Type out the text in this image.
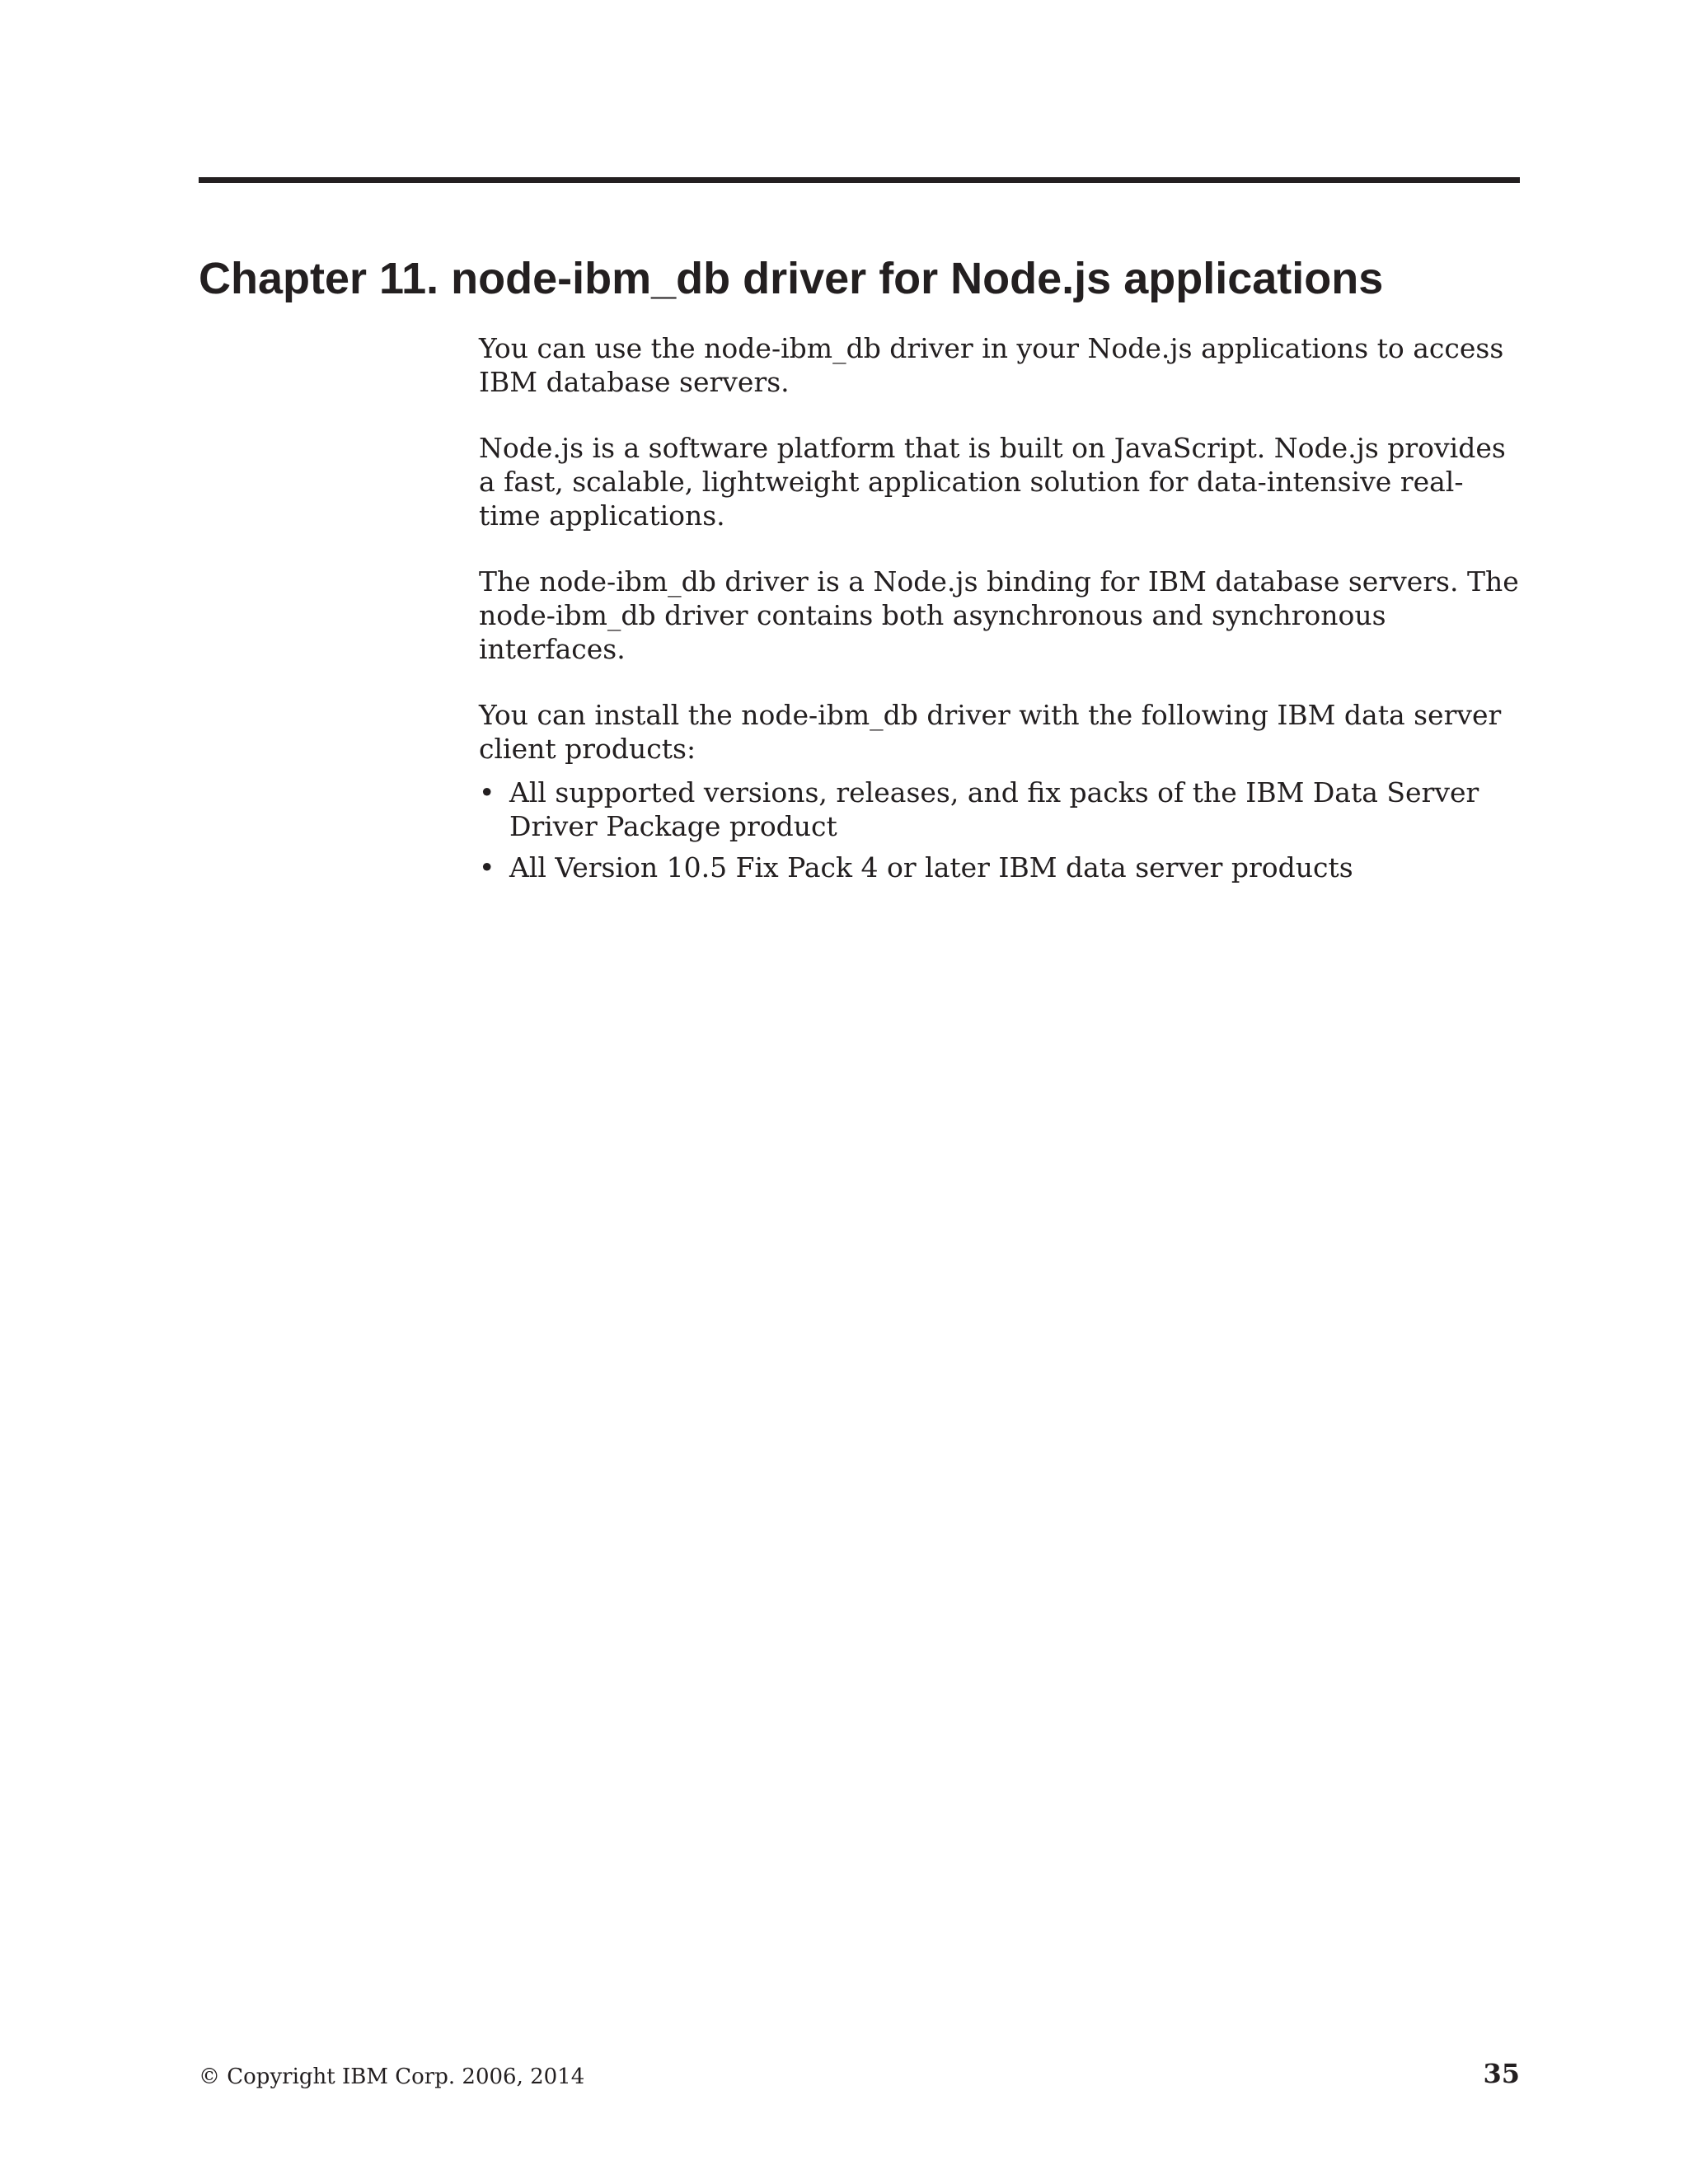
Chapter 11. node-ibm_db driver for Node.js applications

You can use the node-ibm_db driver in your Node.js applications to access IBM database servers.

Node.js is a software platform that is built on JavaScript. Node.js provides a fast, scalable, lightweight application solution for data-intensive real-time applications.

The node-ibm_db driver is a Node.js binding for IBM database servers. The node-ibm_db driver contains both asynchronous and synchronous interfaces.

You can install the node-ibm_db driver with the following IBM data server client products:

• All supported versions, releases, and fix packs of the IBM Data Server Driver Package product
• All Version 10.5 Fix Pack 4 or later IBM data server products
© Copyright IBM Corp. 2006, 2014	35
